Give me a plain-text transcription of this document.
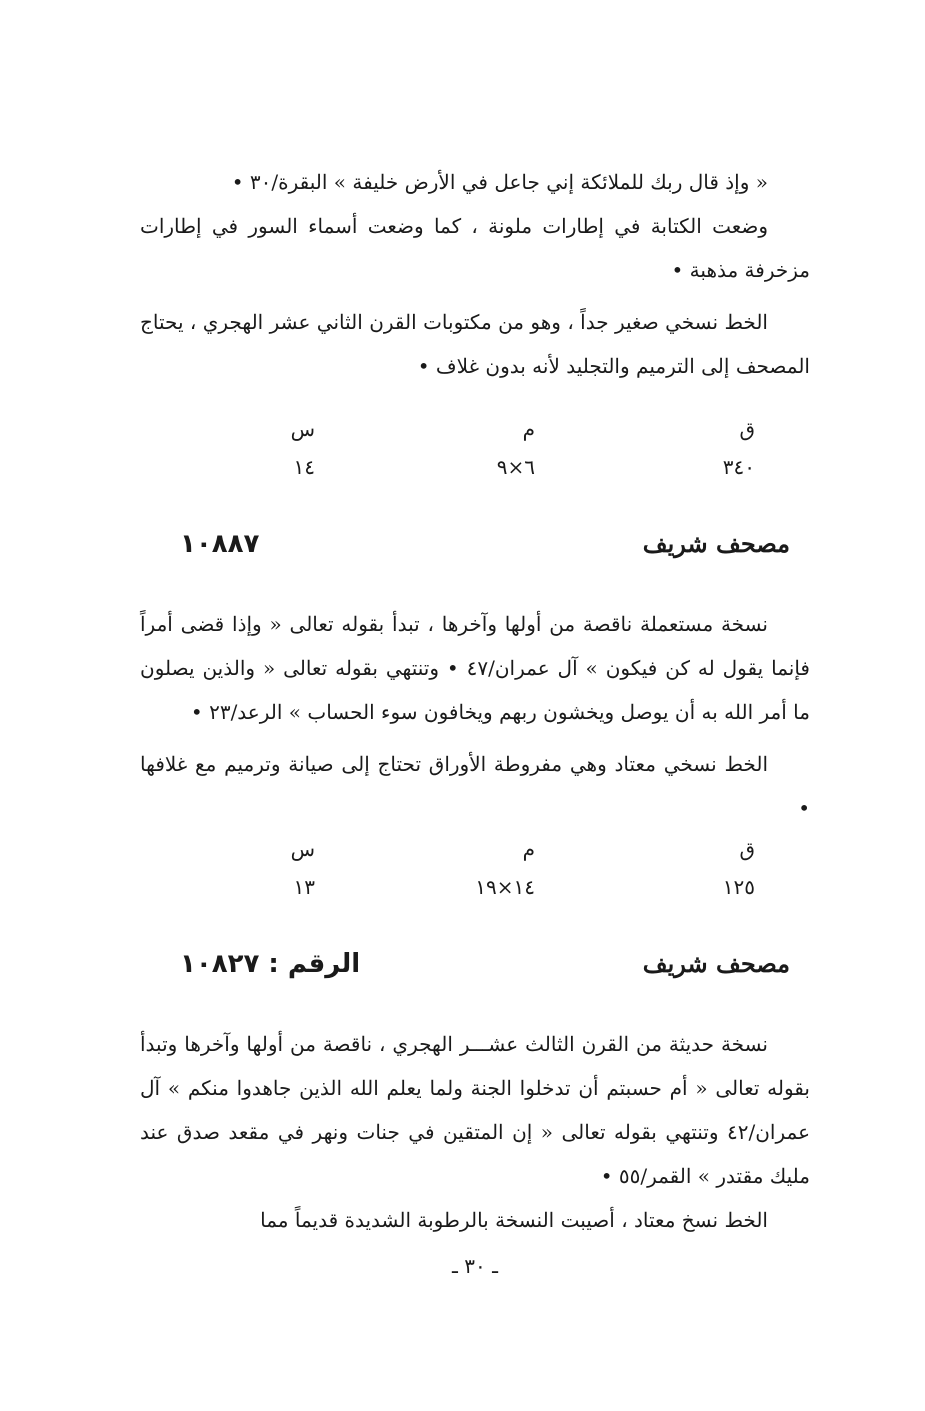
« وإذ قال ربك للملائكة إني جاعل في الأرض خليفة » البقرة/٣٠ •

وضعت الكتابة في إطارات ملونة ، كما وضعت أسماء السور في إطارات مزخرفة مذهبة •

الخط نسخي صغير جداً ، وهو من مكتوبات القرن الثاني عشر الهجري ، يحتاج المصحف إلى الترميم والتجليد لأنه بدون غلاف •

ق
م
س
٣٤٠
٦×٩
١٤
مصحف شريف
١٠٨٨٧

نسخة مستعملة ناقصة من أولها وآخرها ، تبدأ بقوله تعالى « وإذا قضى أمراً فإنما يقول له كن فيكون » آل عمران/٤٧ • وتنتهي بقوله تعالى « والذين يصلون ما أمر الله به أن يوصل ويخشون ربهم ويخافون سوء الحساب » الرعد/٢٣ •

الخط نسخي معتاد وهي مفروطة الأوراق تحتاج إلى صيانة وترميم مع غلافها •

ق
م
س
١٢٥
١٤×١٩
١٣
مصحف شريف
الرقم : ١٠٨٢٧

نسخة حديثة من القرن الثالث عشـــر الهجري ، ناقصة من أولها وآخرها وتبدأ بقوله تعالى « أم حسبتم أن تدخلوا الجنة ولما يعلم الله الذين جاهدوا منكم » آل عمران/٤٢ وتنتهي بقوله تعالى « إن المتقين في جنات ونهر في مقعد صدق عند مليك مقتدر » القمر/٥٥ •

الخط نسخ معتاد ، أصيبت النسخة بالرطوبة الشديدة قديماً مما

ـ ٣٠ ـ
